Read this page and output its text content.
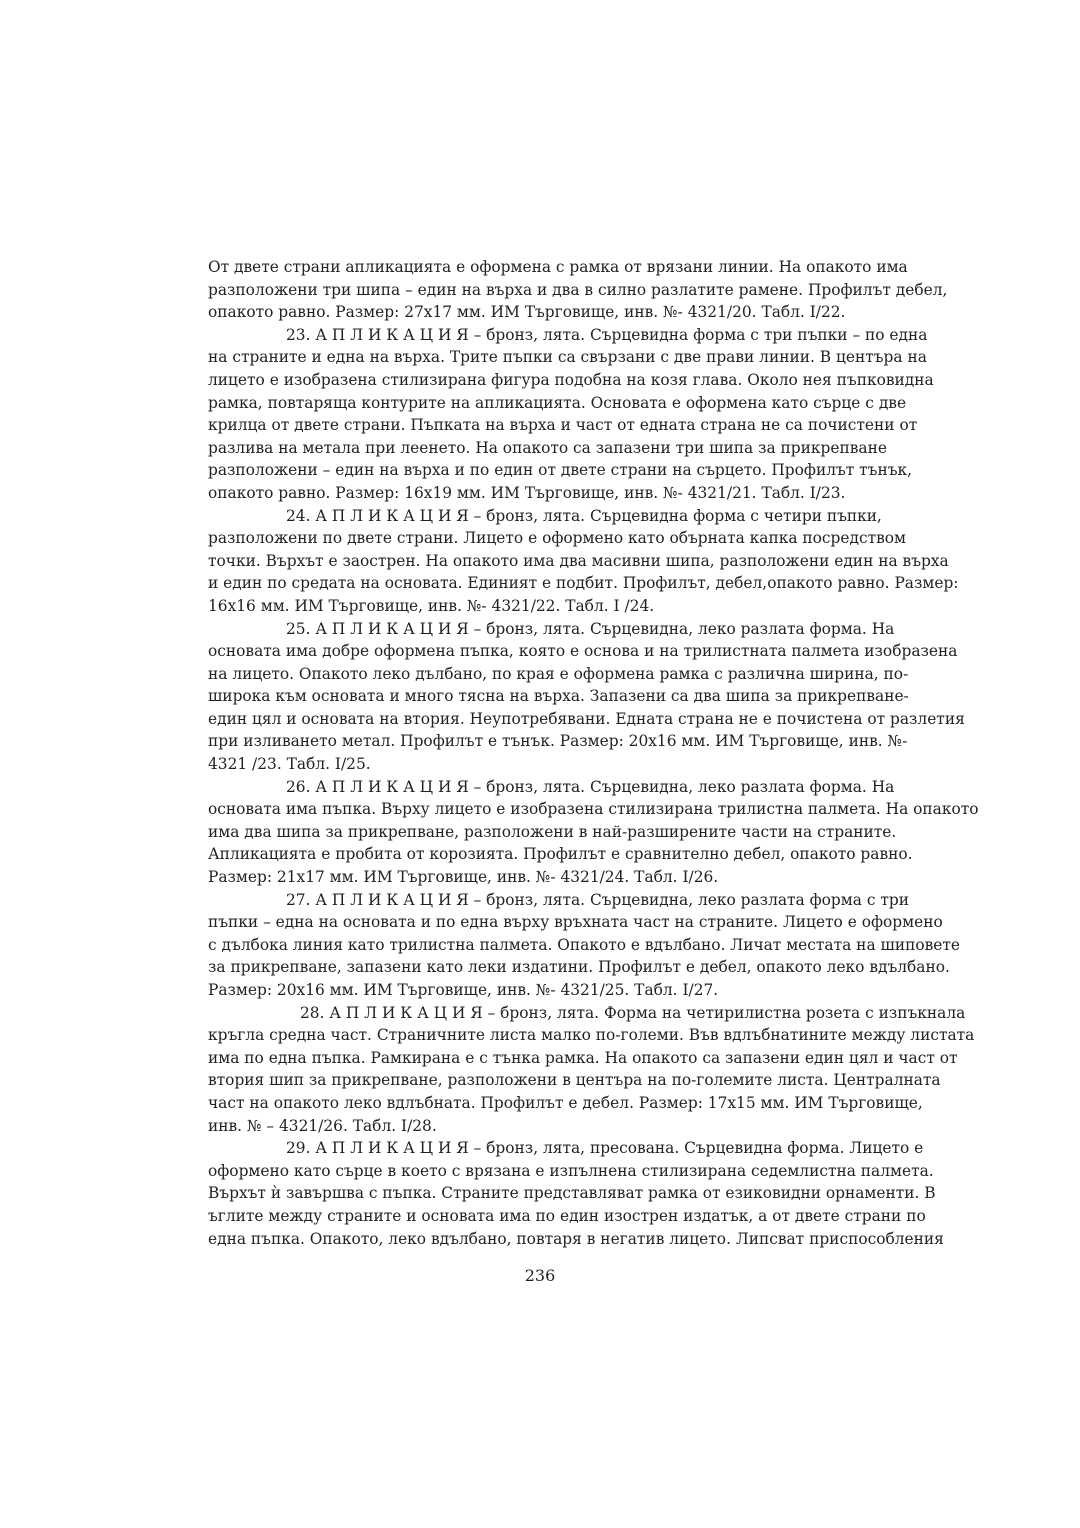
От двете страни апликацията е оформена с рамка от врязани линии. На опакото има
разположени три шипа – един на върха и два в силно разлатите рамене. Профилът дебел,
опакото равно. Размер: 27х17 мм. ИМ Търговище, инв. №- 4321/20. Табл. І/22.
23. А П Л И К А Ц И Я – бронз, лята. Сърцевидна форма с три пъпки – по една
на страните и една на върха. Трите пъпки са свързани с две прави линии. В центъра на
лицето е изобразена стилизирана фигура подобна на козя глава. Около нея пъпковидна
рамка, повтаряща контурите на апликацията. Основата е оформена като сърце с две
крилца от двете страни. Пъпката на върха и част от едната страна не са почистени от
разлива на метала при леенето. На опакото са запазени три шипа за прикрепване
разположени – един на върха и по един от двете страни на сърцето. Профилът тънък,
опакото равно. Размер: 16х19 мм. ИМ Търговище, инв. №- 4321/21. Табл. І/23.
24. А П Л И К А Ц И Я – бронз, лята. Сърцевидна форма с четири пъпки,
разположени по двете страни. Лицето е оформено като обърната капка посредством
точки. Върхът е заострен. На опакото има два масивни шипа, разположени един на върха
и един по средата на основата. Единият е подбит. Профилът, дебел,опакото равно. Размер:
16х16 мм. ИМ Търговище, инв. №- 4321/22. Табл. І /24.
25. А П Л И К А Ц И Я – бронз, лята. Сърцевидна, леко разлата форма. На
основата има добре оформена пъпка, която е основа и на трилистната палмета изобразена
на лицето. Опакото леко дълбано, по края е оформена рамка с различна ширина, по-
широка към основата и много тясна на върха. Запазени са два шипа за прикрепване-
един цял и основата на втория. Неупотребявани. Едната страна не е почистена от разлетия
при изливането метал. Профилът е тънък. Размер: 20х16 мм. ИМ Търговище, инв. №-
4321 /23. Табл. І/25.
26. А П Л И К А Ц И Я – бронз, лята. Сърцевидна, леко разлата форма. На
основата има пъпка. Върху лицето е изобразена стилизирана трилистна палмета. На опакото
има два шипа за прикрепване, разположени в най-разширените части на страните.
Апликацията е пробита от корозията. Профилът е сравнително дебел, опакото равно.
Размер: 21х17 мм. ИМ Търговище, инв. №- 4321/24. Табл. І/26.
27. А П Л И К А Ц И Я – бронз, лята. Сърцевидна, леко разлата форма с три
пъпки – една на основата и по една върху връхната част на страните. Лицето е оформено
с дълбока линия като трилистна палмета. Опакото е вдълбано. Личат местата на шиповете
за прикрепване, запазени като леки издатини. Профилът е дебел, опакото леко вдълбано.
Размер: 20х16 мм. ИМ Търговище, инв. №- 4321/25. Табл. І/27.
28. А П Л И К А Ц И Я – бронз, лята. Форма на четирилистна розета с изпъкнала
кръгла средна част. Страничните листа малко по-големи. Във вдлъбнатините между листата
има по една пъпка. Рамкирана е с тънка рамка. На опакото са запазени един цял и част от
втория шип за прикрепване, разположени в центъра на по-големите листа. Централната
част на опакото леко вдлъбната. Профилът е дебел. Размер: 17х15 мм. ИМ Търговище,
инв. № – 4321/26. Табл. І/28.
29. А П Л И К А Ц И Я – бронз, лята, пресована. Сърцевидна форма. Лицето е
оформено като сърце в което с врязана е изпълнена стилизирана седемлистна палмета.
Върхът ѝ завършва с пъпка. Страните представляват рамка от езиковидни орнаменти. В
ъглите между страните и основата има по един изострен издатък, а от двете страни по
една пъпка. Опакото, леко вдълбано, повтаря в негатив лицето. Липсват приспособления
236
